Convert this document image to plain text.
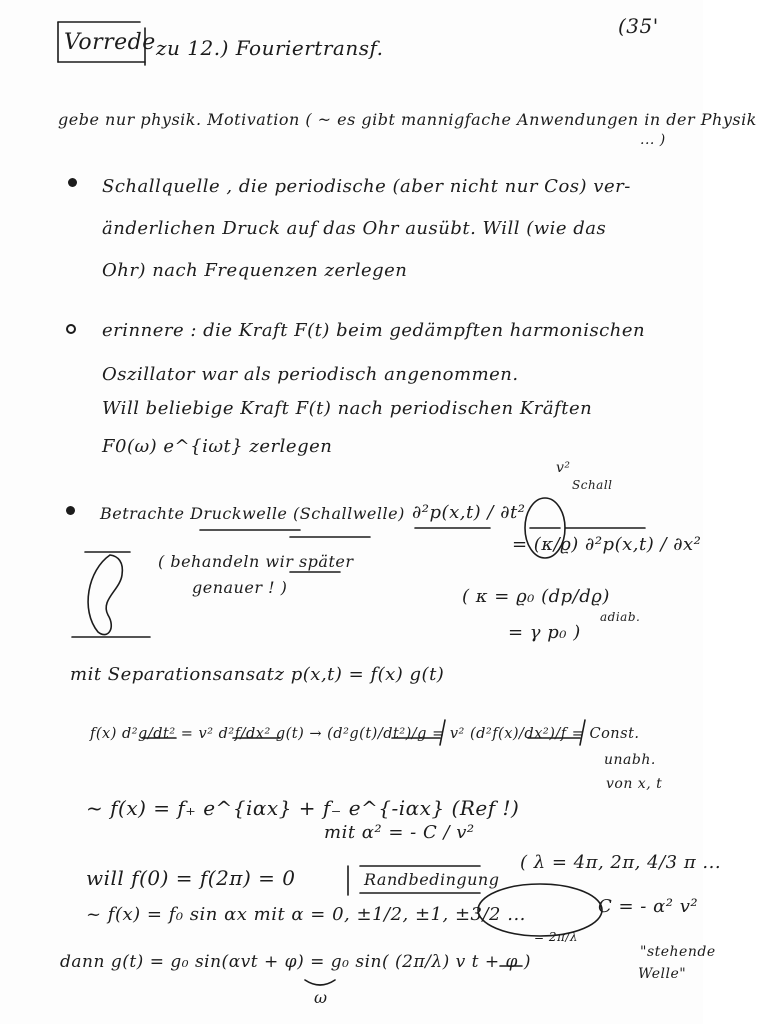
Vorrede zu 12.) Fouriertransf.
(35'
gebe nur physik. Motivation ( ~ es gibt mannigfache Anwendungen in der Physik
... )
Schallquelle , die periodische (aber nicht nur Cos) ver-
änderlichen Druck auf das Ohr ausübt. Will (wie das
Ohr) nach Frequenzen zerlegen
erinnere : die Kraft F(t) beim gedämpften harmonischen
Oszillator war als periodisch angenommen.
Will beliebige Kraft F(t) nach periodischen Kräften
F0(ω) e^{iωt} zerlegen
Betrachte Druckwelle (Schallwelle)
v²
Schall
∂²p(x,t) / ∂t²
= (κ/ϱ) ∂²p(x,t) / ∂x²
( behandeln wir später
genauer ! )	( κ = ϱ₀ (dp/dϱ)
adiab.
= γ p₀ )
mit Separationsansatz p(x,t) = f(x) g(t)
f(x) d²g/dt² = v² d²f/dx² g(t) → (d²g(t)/dt²)/g = v² (d²f(x)/dx²)/f = Const.
unabh.
von x, t
~ f(x) = f₊ e^{iαx} + f₋ e^{-iαx} (Ref !)
mit α² = - C / v²
will f(0) = f(2π) = 0	Randbedingung
( λ = 4π, 2π, 4/3 π ...
~ f(x) = f₀ sin αx mit α = 0, ±1/2, ±1, ±3/2 ...	C = - α² v²
= 2π/λ
dann g(t) = g₀ sin(αvt + φ) = g₀ sin( (2π/λ) v t + φ )
ω
"stehende
Welle"
